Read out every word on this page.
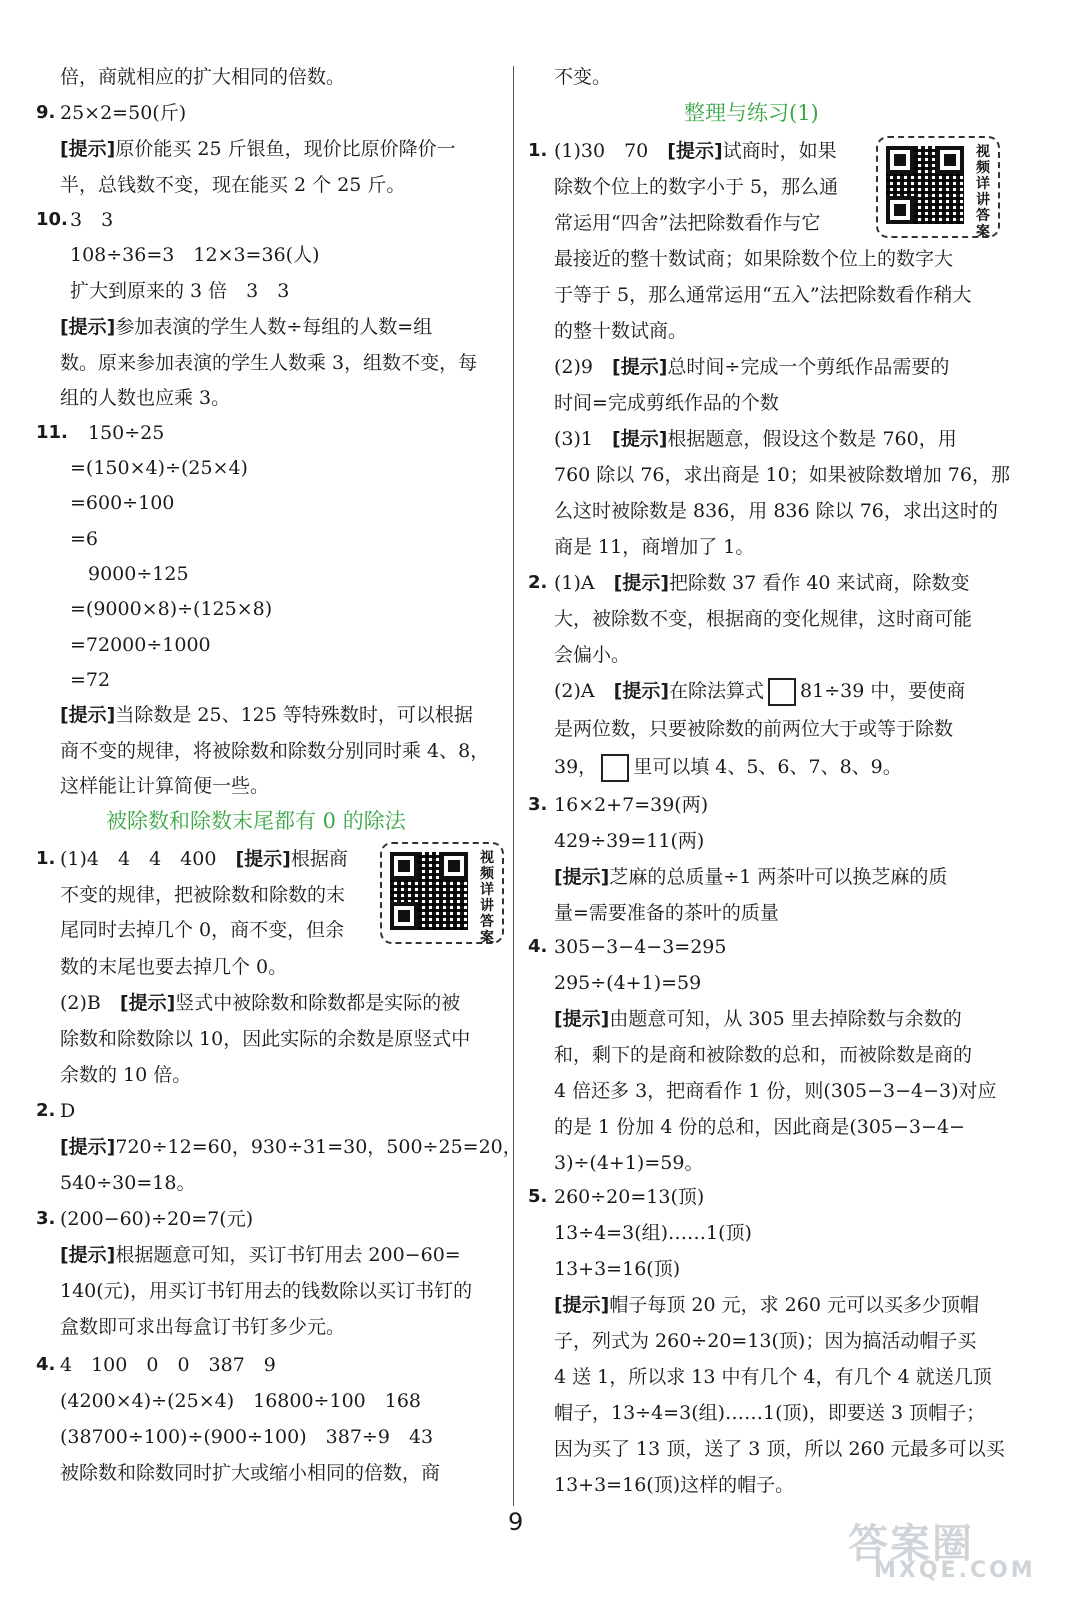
倍，商就相应的扩大相同的倍数。
9. 25×2=50(斤)
[提示]原价能买 25 斤银鱼，现价比原价降价一
半，总钱数不变，现在能买 2 个 25 斤。
10. 3　3
108÷36=3　12×3=36(人)
扩大到原来的 3 倍　3　3
[提示]参加表演的学生人数÷每组的人数=组
数。原来参加表演的学生人数乘 3，组数不变，每
组的人数也应乘 3。
11. 150÷25
=(150×4)÷(25×4)
=600÷100
=6
9000÷125
=(9000×8)÷(125×8)
=72000÷1000
=72
[提示]当除数是 25、125 等特殊数时，可以根据
商不变的规律，将被除数和除数分别同时乘 4、8，
这样能让计算简便一些。
被除数和除数末尾都有 0 的除法
1. (1)4　4　4　400　 [提示]根据商
不变的规律，把被除数和除数的末
尾同时去掉几个 0，商不变，但余
视频详讲答案
数的末尾也要去掉几个 0。
(2)B　 [提示]竖式中被除数和除数都是实际的被
除数和除数除以 10，因此实际的余数是原竖式中
余数的 10 倍。
2. D
[提示]720÷12=60，930÷31=30，500÷25=20，
540÷30=18。
3. (200−60)÷20=7(元)
[提示]根据题意可知，买订书钉用去 200−60=
140(元)，用买订书钉用去的钱数除以买订书钉的
盒数即可求出每盒订书钉多少元。
4. 4　100　0　0　387　9
(4200×4)÷(25×4)　16800÷100　168
(38700÷100)÷(900÷100)　387÷9　43
被除数和除数同时扩大或缩小相同的倍数，商
不变。
整理与练习(1)
1. (1)30　70　 [提示]试商时，如果
除数个位上的数字小于 5，那么通
常运用“四舍”法把除数看作与它
视频详讲答案
最接近的整十数试商；如果除数个位上的数字大
于等于 5，那么通常运用“五入”法把除数看作稍大
的整十数试商。
(2)9　 [提示]总时间÷完成一个剪纸作品需要的
时间=完成剪纸作品的个数
(3)1　 [提示]根据题意，假设这个数是 760，用
760 除以 76，求出商是 10；如果被除数增加 76，那
么这时被除数是 836，用 836 除以 76，求出这时的
商是 11，商增加了 1。
2. (1)A　 [提示]把除数 37 看作 40 来试商，除数变
大，被除数不变，根据商的变化规律，这时商可能
会偏小。
(2)A　 [提示]在除法算式 81÷39 中，要使商
是两位数，只要被除数的前两位大于或等于除数
39， 里可以填 4、5、6、7、8、9。
3. 16×2+7=39(两)
429÷39=11(两)
[提示]芝麻的总质量÷1 两茶叶可以换芝麻的质
量=需要准备的茶叶的质量
4. 305−3−4−3=295
295÷(4+1)=59
[提示]由题意可知，从 305 里去掉除数与余数的
和，剩下的是商和被除数的总和，而被除数是商的
4 倍还多 3，把商看作 1 份，则(305−3−4−3)对应
的是 1 份加 4 份的总和，因此商是(305−3−4−
3)÷(4+1)=59。
5. 260÷20=13(顶)
13÷4=3(组)……1(顶)
13+3=16(顶)
[提示]帽子每顶 20 元，求 260 元可以买多少顶帽
子，列式为 260÷20=13(顶)；因为搞活动帽子买
4 送 1，所以求 13 中有几个 4，有几个 4 就送几顶
帽子，13÷4=3(组)……1(顶)，即要送 3 顶帽子；
因为买了 13 顶，送了 3 顶，所以 260 元最多可以买
13+3=16(顶)这样的帽子。
9	答案圈
MXQE.COM
